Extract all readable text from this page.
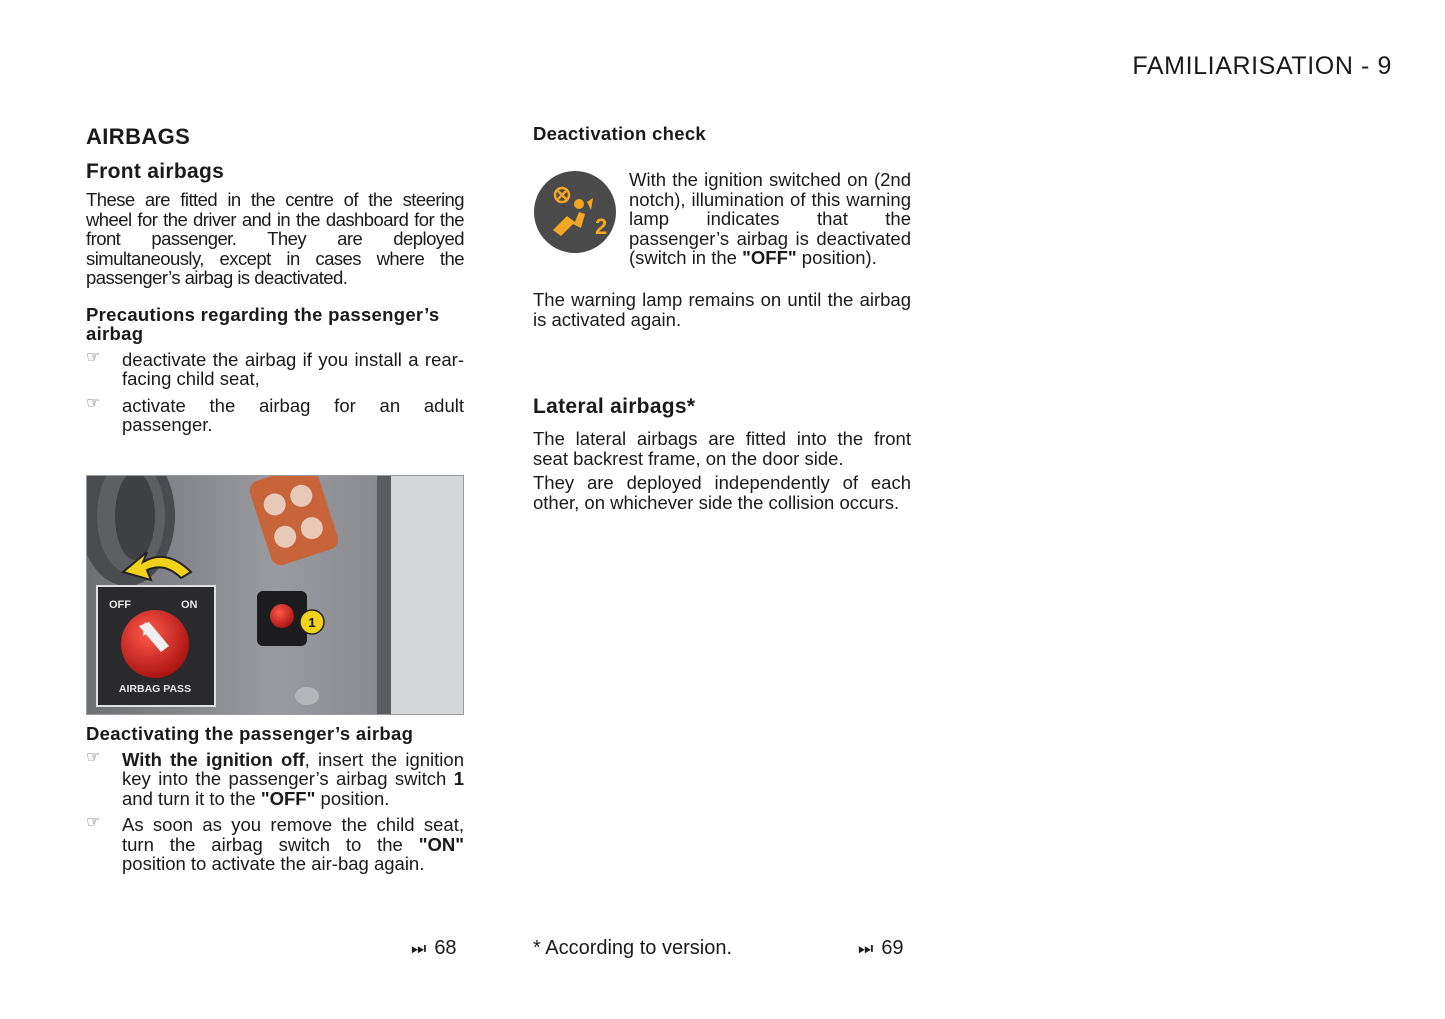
FAMILIARISATION - 9
AIRBAGS
Front airbags

These are fitted in the centre of the steering wheel for the driver and in the dashboard for the front passenger. They are deployed simultaneously, except in cases where the passenger’s airbag is deactivated.

Precautions regarding the passenger’s airbag
☞ deactivate the airbag if you install a rear-facing child seat,
☞ activate the airbag for an adult passenger.
1
OFF	ON
AIRBAG PASS
Deactivating the passenger’s airbag
☞ With the ignition off, insert the ignition key into the passenger’s airbag switch 1 and turn it to the "OFF" position.
☞ As soon as you remove the child seat, turn the airbag switch to the "ON" position to activate the air-bag again.
⏭ 68
Deactivation check
2

With the ignition switched on (2nd notch), illumination of this warning lamp indicates that the passenger’s airbag is deactivated (switch in the "OFF" position).

The warning lamp remains on until the airbag is activated again.

Lateral airbags*

The lateral airbags are fitted into the front seat backrest frame, on the door side.

They are deployed independently of each other, on whichever side the collision occurs.

* According to version.	⏭ 69
